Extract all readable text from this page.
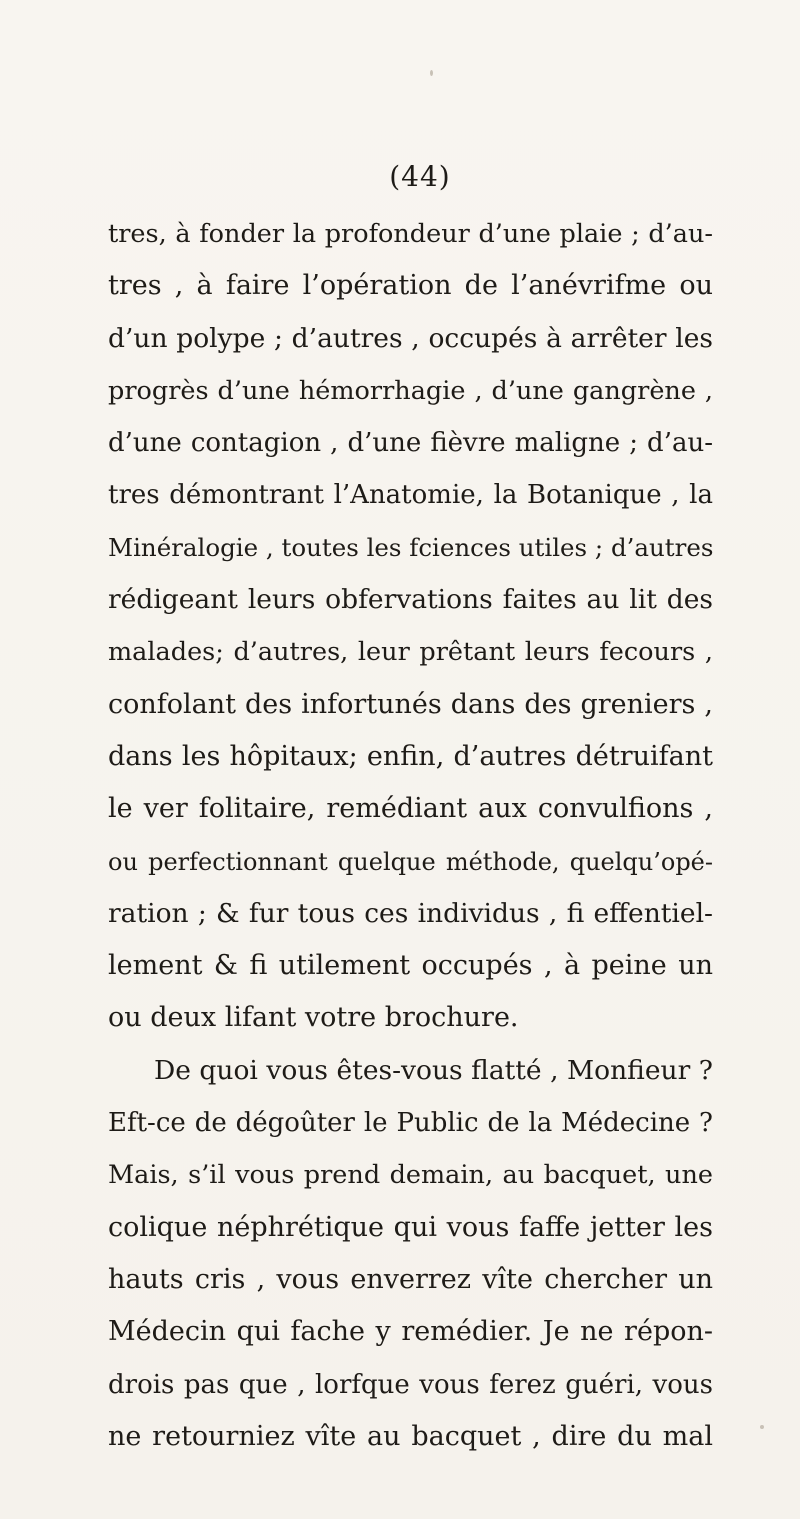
(44)
tres, à fonder la profondeur d’une plaie ; d’au-
tres , à faire l’opération de l’anévrifme ou
d’un polype ; d’autres , occupés à arrêter les
progrès d’une hémorrhagie , d’une gangrène ,
d’une contagion , d’une fièvre maligne ; d’au-
tres démontrant l’Anatomie, la Botanique , la
Minéralogie , toutes les fciences utiles ; d’autres
rédigeant leurs obfervations faites au lit des
malades; d’autres, leur prêtant leurs fecours ,
confolant des infortunés dans des greniers ,
dans les hôpitaux; enfin, d’autres détruifant
le ver folitaire, remédiant aux convulfions ,
ou perfectionnant quelque méthode, quelqu’opé-
ration ; & fur tous ces individus , fi effentiel-
lement & fi utilement occupés , à peine un
ou deux lifant votre brochure.
De quoi vous êtes-vous flatté , Monfieur ?
Eft-ce de dégoûter le Public de la Médecine ?
Mais, s’il vous prend demain, au bacquet, une
colique néphrétique qui vous faffe jetter les
hauts cris , vous enverrez vîte chercher un
Médecin qui fache y remédier. Je ne répon-
drois pas que , lorfque vous ferez guéri, vous
ne retourniez vîte au bacquet , dire du mal
